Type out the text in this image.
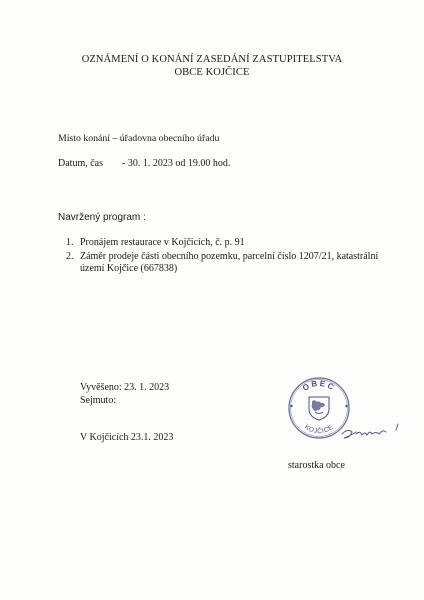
OZNÁMENÍ O KONÁNÍ ZASEDÁNÍ ZASTUPITELSTVA
OBCE KOJČICE
Místo konání – úřadovna obecního úřadu
Datum, čas - 30. 1. 2023 od 19.00 hod.
Navržený program :
1. Pronájem restaurace v Kojčicích, č. p. 91
2. Záměr prodeje části obecního pozemku, parcelní číslo 1207/21, katastrální území Kojčice (667838)
Vyvěšeno: 23. 1. 2023
Sejmuto:
V Kojčicích 23.1. 2023
OBEC
KOJČICE
starostka obce
